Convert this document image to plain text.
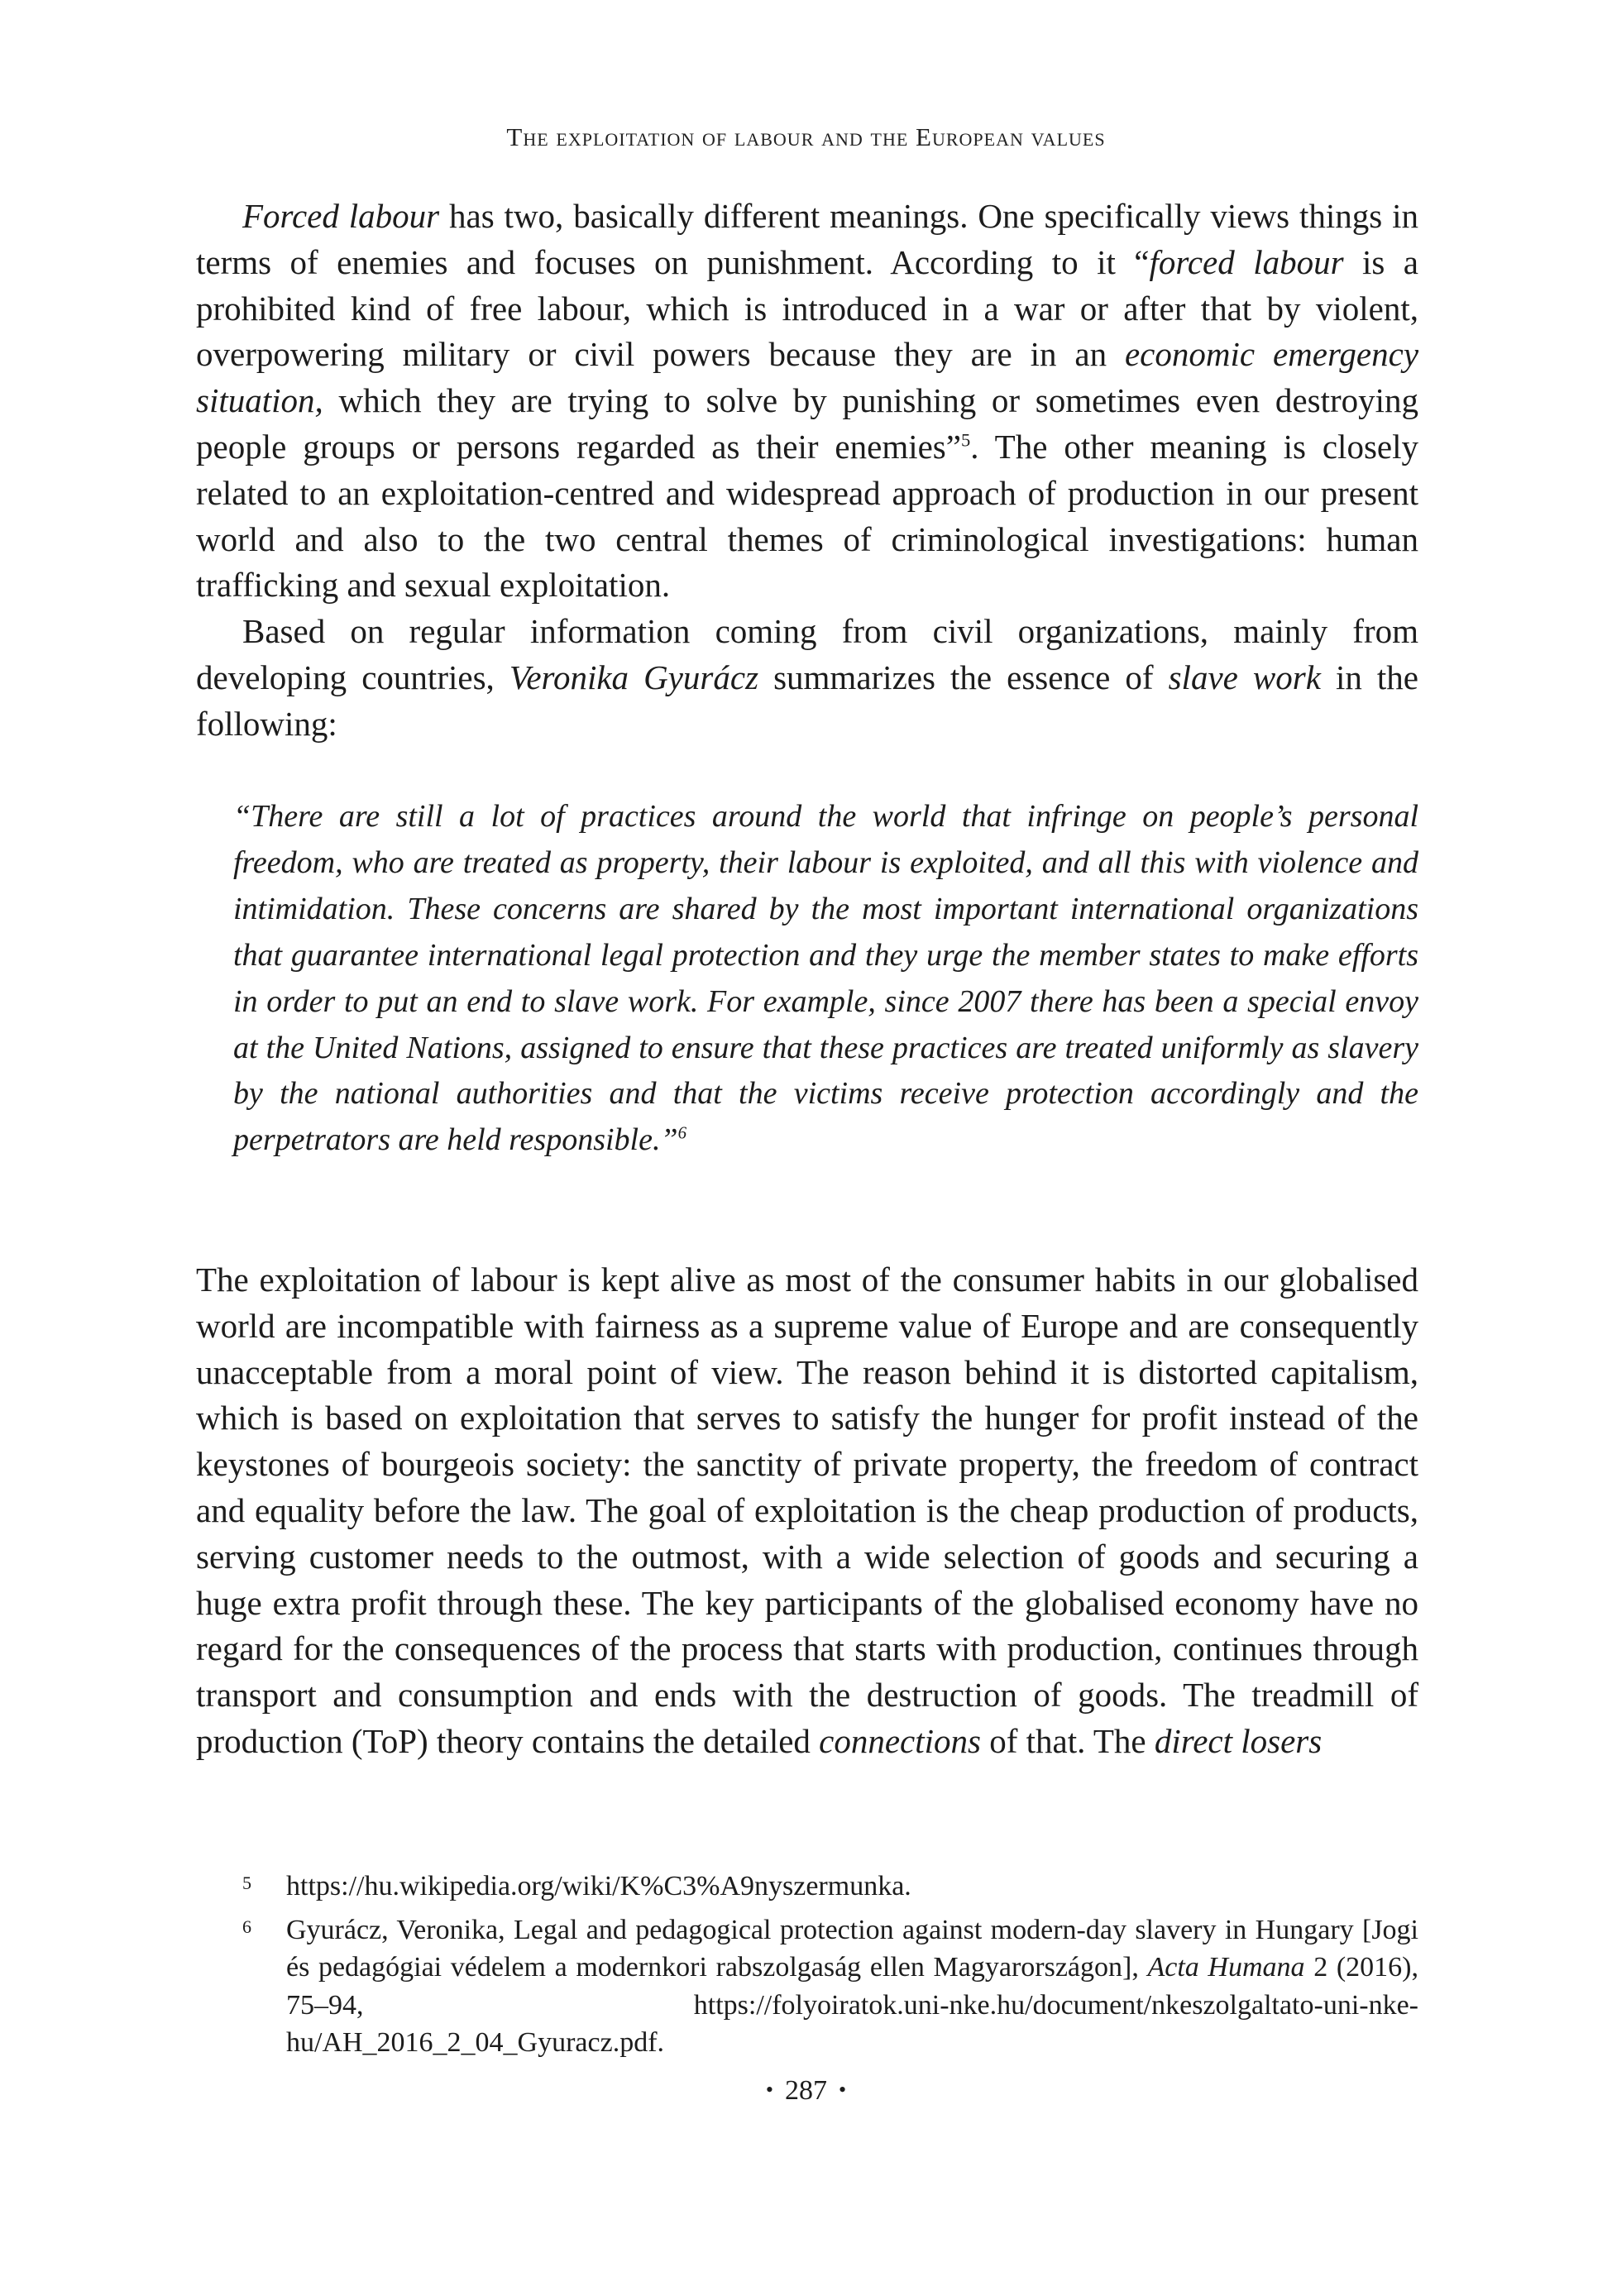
The exploitation of labour and the European values

Forced labour has two, basically different meanings. One specifically views things in terms of enemies and focuses on punishment. According to it “forced labour is a prohibited kind of free labour, which is introduced in a war or after that by violent, overpowering military or civil powers because they are in an economic emergency situation, which they are trying to solve by punishing or sometimes even destroying people groups or persons regarded as their enemies”$^5$. The other meaning is closely related to an exploitation-centred and widespread approach of production in our present world and also to the two central themes of criminological investigations: human trafficking and sexual exploitation.

Based on regular information coming from civil organizations, mainly from developing countries, Veronika Gyurácz summarizes the essence of slave work in the following:

“There are still a lot of practices around the world that infringe on people’s personal freedom, who are treated as property, their labour is exploited, and all this with violence and intimidation. These concerns are shared by the most important international organizations that guarantee international legal protection and they urge the member states to make efforts in order to put an end to slave work. For example, since 2007 there has been a special envoy at the United Nations, assigned to ensure that these practices are treated uniformly as slavery by the national authorities and that the victims receive protection accordingly and the perpetrators are held responsible.”$^6$

The exploitation of labour is kept alive as most of the consumer habits in our globalised world are incompatible with fairness as a supreme value of Europe and are consequently unacceptable from a moral point of view. The reason behind it is distorted capitalism, which is based on exploitation that serves to satisfy the hunger for profit instead of the keystones of bourgeois society: the sanctity of private property, the freedom of contract and equality before the law. The goal of exploitation is the cheap production of products, serving customer needs to the outmost, with a wide selection of goods and securing a huge extra profit through these. The key participants of the globalised economy have no regard for the consequences of the process that starts with production, continues through transport and consumption and ends with the destruction of goods. The treadmill of production (ToP) theory contains the detailed connections of that. The direct losers

5 https://hu.wikipedia.org/wiki/K%C3%A9nyszermunka.

6 Gyurácz, Veronika, Legal and pedagogical protection against modern-day slavery in Hungary [Jogi és pedagógiai védelem a modernkori rabszolgaság ellen Magyarországon], Acta Humana 2 (2016), 75–94, https://folyoiratok.uni-nke.hu/document/nkeszolgaltato-uni-nke-hu/AH_2016_2_04_Gyuracz.pdf.

• 287 •
